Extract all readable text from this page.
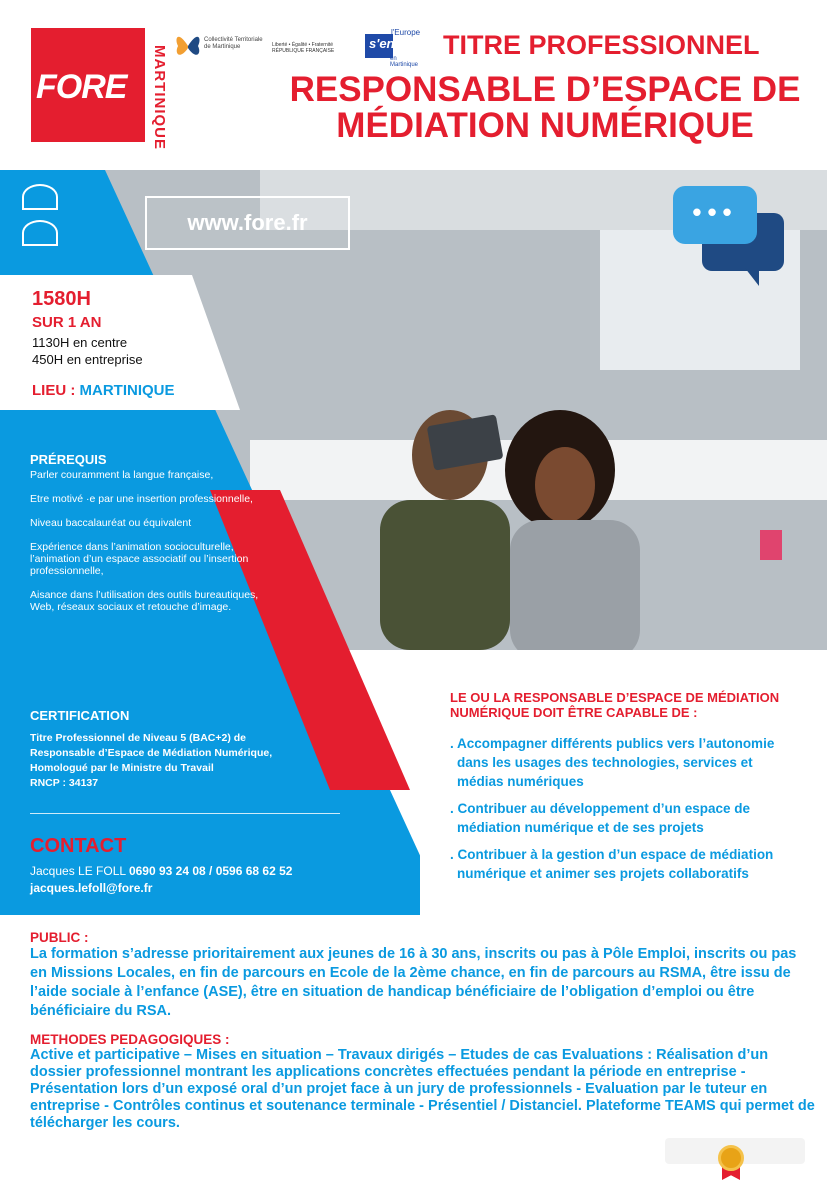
FORE MARTINIQUE
Collectivité Territoriale de Martinique	Liberté • Égalité • Fraternité RÉPUBLIQUE FRANÇAISE
l'Europe
s'engage
en Martinique
TITRE PROFESSIONNEL
RESPONSABLE D’ESPACE DE
MÉDIATION NUMÉRIQUE
www.fore.fr	•••
1580H
SUR 1 AN
1130H en centre
450H en entreprise
LIEU : MARTINIQUE
PRÉREQUIS

Parler couramment la langue française,

Etre motivé ·e par une insertion professionnelle,

Niveau baccalauréat ou équivalent

Expérience dans l’animation socioculturelle, l’animation d’un espace associatif ou l’insertion professionnelle,

Aisance dans l’utilisation des outils bureautiques, Web, réseaux sociaux et retouche d’image.

CERTIFICATION

Titre Professionnel de Niveau 5 (BAC+2) de

Responsable d’Espace de Médiation Numérique,

Homologué par le Ministre du Travail

RNCP : 34137

CONTACT
Jacques LE FOLL 0690 93 24 08 / 0596 68 62 52
jacques.lefoll@fore.fr
LE OU LA RESPONSABLE D’ESPACE DE MÉDIATION NUMÉRIQUE DOIT ÊTRE CAPABLE DE :
. Accompagner différents publics vers l’autonomie dans les usages des technologies, services et médias numériques
. Contribuer au développement d’un espace de médiation numérique et de ses projets
. Contribuer à la gestion d’un espace de médiation numérique et animer ses projets collaboratifs
PUBLIC :

La formation s’adresse prioritairement aux jeunes de 16 à 30 ans, inscrits ou pas à Pôle Emploi, inscrits ou pas en Missions Locales, en fin de parcours en Ecole de la 2ème chance, en fin de parcours au RSMA, être issu de l’aide sociale à l’enfance (ASE), être en situation de handicap bénéficiaire de l’obligation d’emploi ou être bénéficiaire du RSA.

METHODES PEDAGOGIQUES :

Active et participative – Mises en situation – Travaux dirigés – Etudes de cas Evaluations : Réalisation d’un dossier professionnel montrant les applications concrètes effectuées pendant la période en entreprise - Présentation lors d’un exposé oral d’un projet face à un jury de professionnels - Evaluation par le tuteur en entreprise - Contrôles continus et soutenance terminale - Présentiel / Distanciel. Plateforme TEAMS qui permet de télécharger les cours.
